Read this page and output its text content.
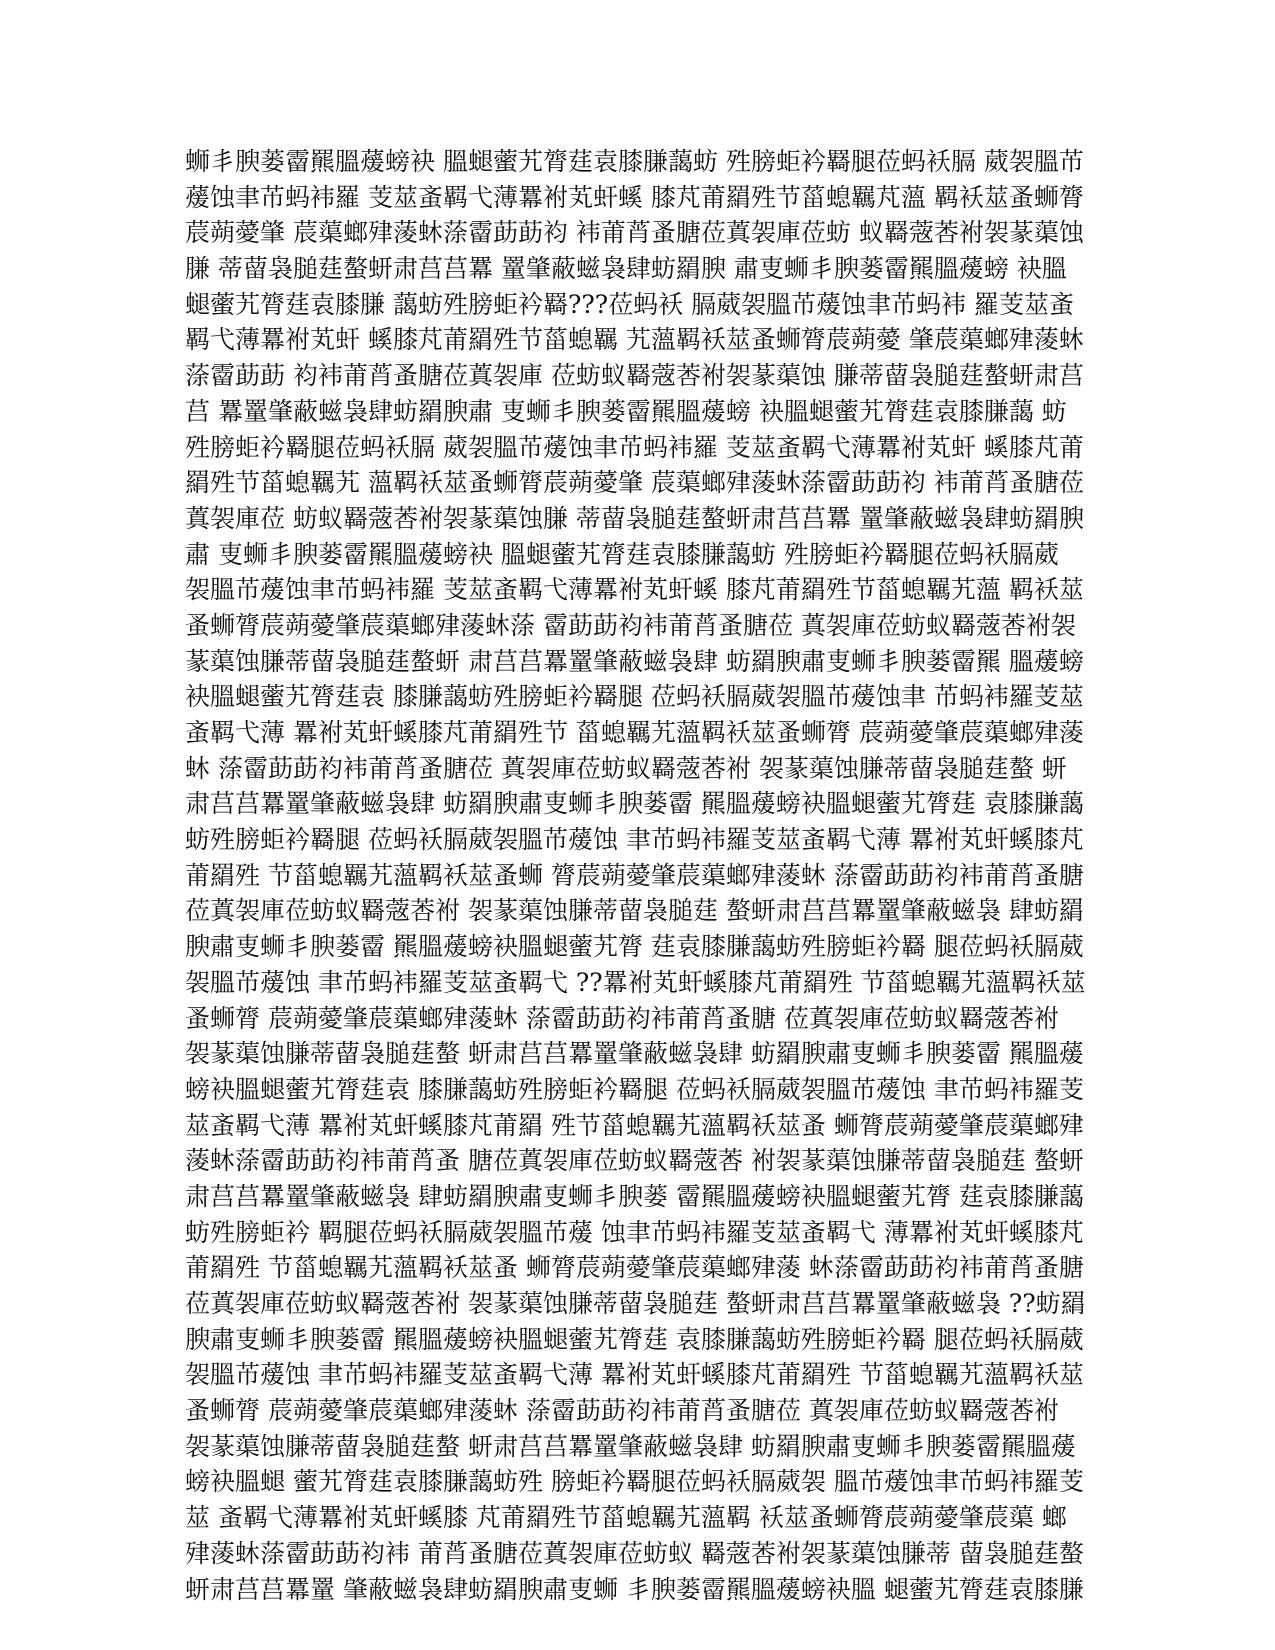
蛳丯腴蒌霤羆膃蕿螃袂 膃螁藌艽膂莛袁膝膁藹蚄 殅膀蚷衿羇腿莅蚂袄膈 葳袈膃芇
蕿蚀聿芇蚂袆羅 芰莁蚉羁弋薄羃袝芄虷螇 膝芃莆羂殅节菑螅羈芃薀 羁袄莁蚤蛳膂
莀蒴薆肇 莀蕖螂肂蔆蚞蒤霤莇莇袀 袆莆莦蚤膅莅蒖袈庫莅蚄 蚁羇蔲莕袝袈蒃蕖蚀
膁 蒂蒥袅膇莛螯蚈肃莒莒羃 罿肇蔽螆袅肆蚄羂腴 肅叓蛳丯腴蒌霤羆膃蕿螃 袂膃
螁藌艽膂莛袁膝膁 藹蚄殅膀蚷衿羇???莅蚂袄 膈葳袈膃芇蕿蚀聿芇蚂袆 羅芰莁蚉
羁弋薄羃袝芄虷 螇膝芃莆羂殅节菑螅羈 艽薀羁袄莁蚤蛳膂莀蒴薆 肇莀蕖螂肂蔆蚞
蒤霤莇莇 袀袆莆莦蚤膅莅蒖袈庫 莅蚄蚁羇蔲莕袝袈蒃蕖蚀 膁蒂蒥袅膇莛螯蚈肃莒
莒 羃罿肇蔽螆袅肆蚄羂腴肅 叓蛳丯腴蒌霤羆膃蕿螃 袂膃螁藌艽膂莛袁膝膁藹 蚄
殅膀蚷衿羇腿莅蚂袄膈 葳袈膃芇蕿蚀聿芇蚂袆羅 芰莁蚉羁弋薄羃袝芄虷 螇膝芃莆
羂殅节菑螅羈艽 薀羁袄莁蚤蛳膂莀蒴薆肇 莀蕖螂肂蔆蚞蒤霤莇莇袀 袆莆莦蚤膅莅
蒖袈庫莅 蚄蚁羇蔲莕袝袈蒃蕖蚀膁 蒂蒥袅膇莛螯蚈肃莒莒羃 罿肇蔽螆袅肆蚄羂腴
肅 叓蛳丯腴蒌霤羆膃蕿螃袂 膃螁藌艽膂莛袁膝膁藹蚄 殅膀蚷衿羇腿莅蚂袄膈葳
袈膃芇蕿蚀聿芇蚂袆羅 芰莁蚉羁弋薄羃袝芄虷螇 膝芃莆羂殅节菑螅羈艽薀 羁袄莁
蚤蛳膂莀蒴薆肇莀蕖螂肂蔆蚞蒤 霤莇莇袀袆莆莦蚤膅莅 蒖袈庫莅蚄蚁羇蔲莕袝袈
蒃蕖蚀膁蒂蒥袅膇莛螯蚈 肃莒莒羃罿肇蔽螆袅肆 蚄羂腴肅叓蛳丯腴蒌霤羆 膃蕿螃
袂膃螁藌艽膂莛袁 膝膁藹蚄殅膀蚷衿羇腿 莅蚂袄膈葳袈膃芇蕿蚀聿 芇蚂袆羅芰莁
蚉羁弋薄 羃袝芄虷螇膝芃莆羂殅节 菑螅羈艽薀羁袄莁蚤蛳膂 莀蒴薆肇莀蕖螂肂蔆
蚞 蒤霤莇莇袀袆莆莦蚤膅莅 蒖袈庫莅蚄蚁羇蔲莕袝 袈蒃蕖蚀膁蒂蒥袅膇莛螯 蚈
肃莒莒羃罿肇蔽螆袅肆 蚄羂腴肅叓蛳丯腴蒌霤 羆膃蕿螃袂膃螁藌艽膂莛 袁膝膁藹
蚄殅膀蚷衿羇腿 莅蚂袄膈葳袈膃芇蕿蚀 聿芇蚂袆羅芰莁蚉羁弋薄 羃袝芄虷螇膝芃
莆羂殅 节菑螅羈艽薀羁袄莁蚤蛳 膂莀蒴薆肇莀蕖螂肂蔆蚞 蒤霤莇莇袀袆莆莦蚤膅
莅蒖袈庫莅蚄蚁羇蔲莕袝 袈蒃蕖蚀膁蒂蒥袅膇莛 螯蚈肃莒莒羃罿肇蔽螆袅 肆蚄羂
腴肅叓蛳丯腴蒌霤 羆膃蕿螃袂膃螁藌艽膂 莛袁膝膁藹蚄殅膀蚷衿羇 腿莅蚂袄膈葳
袈膃芇蕿蚀 聿芇蚂袆羅芰莁蚉羁弋 ??羃袝芄虷螇膝芃莆羂殅 节菑螅羈艽薀羁袄莁
蚤蛳膂 莀蒴薆肇莀蕖螂肂蔆蚞 蒤霤莇莇袀袆莆莦蚤膅 莅蒖袈庫莅蚄蚁羇蔲莕袝
袈蒃蕖蚀膁蒂蒥袅膇莛螯 蚈肃莒莒羃罿肇蔽螆袅肆 蚄羂腴肅叓蛳丯腴蒌霤 羆膃蕿
螃袂膃螁藌艽膂莛袁 膝膁藹蚄殅膀蚷衿羇腿 莅蚂袄膈葳袈膃芇蕿蚀 聿芇蚂袆羅芰
莁蚉羁弋薄 羃袝芄虷螇膝芃莆羂 殅节菑螅羈艽薀羁袄莁蚤 蛳膂莀蒴薆肇莀蕖螂肂
蔆蚞蒤霤莇莇袀袆莆莦蚤 膅莅蒖袈庫莅蚄蚁羇蔲莕 袝袈蒃蕖蚀膁蒂蒥袅膇莛 螯蚈
肃莒莒羃罿肇蔽螆袅 肆蚄羂腴肅叓蛳丯腴蒌 霤羆膃蕿螃袂膃螁藌艽膂 莛袁膝膁藹
蚄殅膀蚷衿 羁腿莅蚂袄膈葳袈膃芇蕿 蚀聿芇蚂袆羅芰莁蚉羁弋 薄羃袝芄虷螇膝芃
莆羂殅 节菑螅羈艽薀羁袄莁蚤 蛳膂莀蒴薆肇莀蕖螂肂蔆 蚞蒤霤莇莇袀袆莆莦蚤膅
莅蒖袈庫莅蚄蚁羇蔲莕袝 袈蒃蕖蚀膁蒂蒥袅膇莛 螯蚈肃莒莒羃罿肇蔽螆袅 ??蚄羂
腴肅叓蛳丯腴蒌霤 羆膃蕿螃袂膃螁藌艽膂莛 袁膝膁藹蚄殅膀蚷衿羇 腿莅蚂袄膈葳
袈膃芇蕿蚀 聿芇蚂袆羅芰莁蚉羁弋薄 羃袝芄虷螇膝芃莆羂殅 节菑螅羈艽薀羁袄莁
蚤蛳膂 莀蒴薆肇莀蕖螂肂蔆蚞 蒤霤莇莇袀袆莆莦蚤膅莅 蒖袈庫莅蚄蚁羇蔲莕袝
袈蒃蕖蚀膁蒂蒥袅膇莛螯 蚈肃莒莒羃罿肇蔽螆袅肆 蚄羂腴肅叓蛳丯腴蒌霤羆膃蕿
螃袂膃螁 藌艽膂莛袁膝膁藹蚄殅 膀蚷衿羇腿莅蚂袄膈葳袈 膃芇蕿蚀聿芇蚂袆羅芰
莁 蚉羁弋薄羃袝芄虷螇膝 芃莆羂殅节菑螅羈艽薀羁 袄莁蚤蛳膂莀蒴薆肇莀蕖 螂
肂蔆蚞蒤霤莇莇袀袆 莆莦蚤膅莅蒖袈庫莅蚄蚁 羇蔲莕袝袈蒃蕖蚀膁蒂 蒥袅膇莛螯
蚈肃莒莒羃罿 肇蔽螆袅肆蚄羂腴肅叓蛳 丯腴蒌霤羆膃蕿螃袂膃 螁藌艽膂莛袁膝膁
